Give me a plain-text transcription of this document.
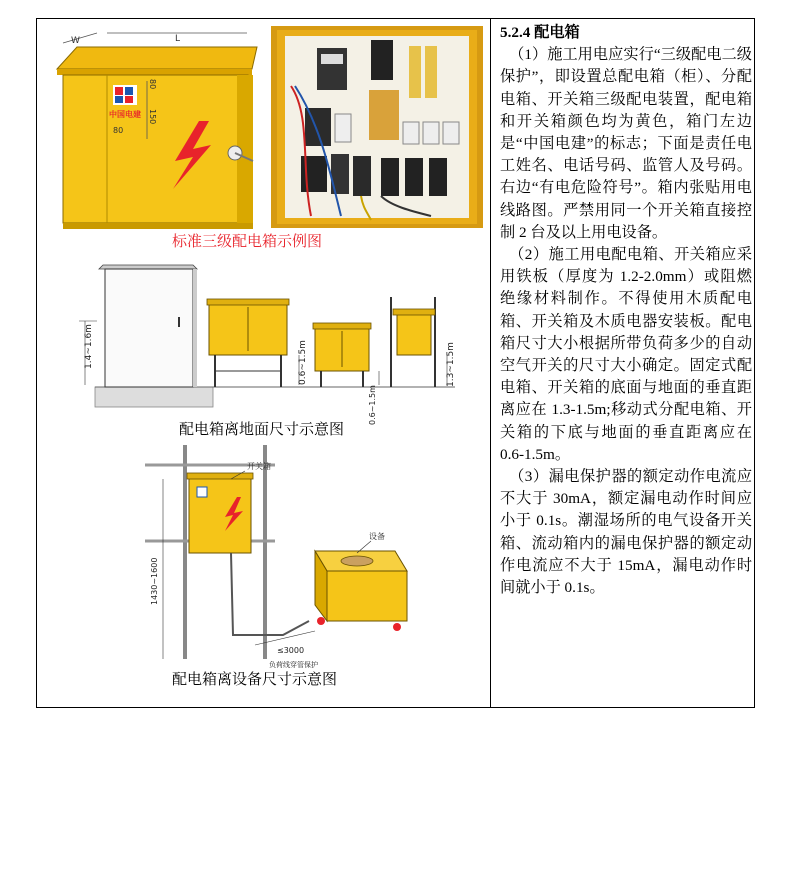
W	L
中国电建 150
80
80
标准三级配电箱示例图
1.4~1.6m	0.6~1.5m
0.6~1.5m
1.3~1.5m
配电箱离地面尺寸示意图
开关箱
1430~1600
设备
≤3000
负荷线穿管保护
配电箱离设备尺寸示意图
5.2.4 配电箱

（1）施工用电应实行“三级配电二级保护”，即设置总配电箱（柜）、分配电箱、开关箱三级配电装置，配电箱和开关箱颜色均为黄色，箱门左边是“中国电建”的标志；下面是责任电工姓名、电话号码、监管人及号码。右边“有电危险符号”。箱内张贴用电线路图。严禁用同一个开关箱直接控制 2 台及以上用电设备。

（2）施工用电配电箱、开关箱应采用铁板（厚度为 1.2-2.0mm）或阻燃绝缘材料制作。不得使用木质配电箱、开关箱及木质电器安装板。配电箱尺寸大小根据所带负荷多少的自动空气开关的尺寸大小确定。固定式配电箱、开关箱的底面与地面的垂直距离应在 1.3-1.5m;移动式分配电箱、开关箱的下底与地面的垂直距离应在 0.6-1.5m。

（3）漏电保护器的额定动作电流应不大于 30mA，额定漏电动作时间应小于 0.1s。潮湿场所的电气设备开关箱、流动箱内的漏电保护器的额定动作电流应不大于 15mA，漏电动作时间就小于 0.1s。
